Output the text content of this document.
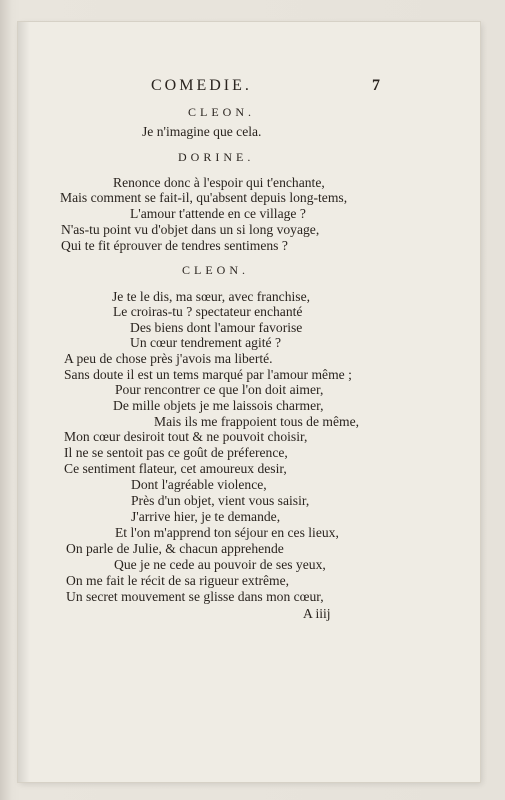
COMEDIE.	7
CLEON.
Je n'imagine que cela.
DORINE.
Renonce donc à l'espoir qui t'enchante,
Mais comment se fait-il, qu'absent depuis long-tems,
L'amour t'attende en ce village ?
N'as-tu point vu d'objet dans un si long voyage,
Qui te fit éprouver de tendres sentimens ?
CLEON.
Je te le dis, ma sœur, avec franchise,
Le croiras-tu ? spectateur enchanté
Des biens dont l'amour favorise
Un cœur tendrement agité ?
A peu de chose près j'avois ma liberté.
Sans doute il est un tems marqué par l'amour même ;
Pour rencontrer ce que l'on doit aimer,
De mille objets je me laissois charmer,
Mais ils me frappoient tous de même,
Mon cœur desiroit tout & ne pouvoit choisir,
Il ne se sentoit pas ce goût de préference,
Ce sentiment flateur, cet amoureux desir,
Dont l'agréable violence,
Près d'un objet, vient vous saisir,
J'arrive hier, je te demande,
Et l'on m'apprend ton séjour en ces lieux,
On parle de Julie, & chacun apprehende
Que je ne cede au pouvoir de ses yeux,
On me fait le récit de sa rigueur extrême,
Un secret mouvement se glisse dans mon cœur,
A iiij
